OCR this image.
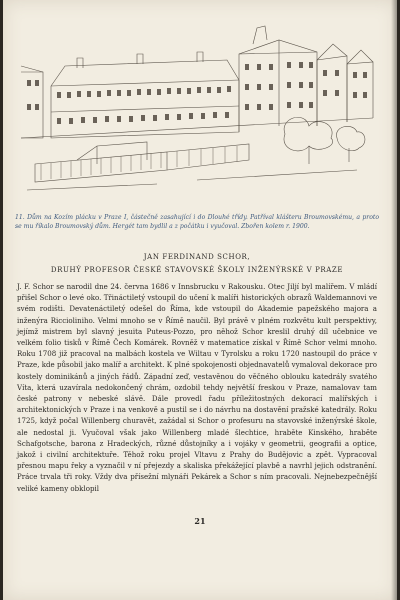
11. Dům na Kozím plácku v Praze I, částečně zasahující i do Dlouhé třídy. Patříval klášteru Broumovskému, a proto se mu říkalo Broumovský dům. Hergét tam bydlil a z počátku i vyučoval. Zbořen kolem r. 1900.
JAN FERDINAND SCHOR,
DRUHÝ PROFESOR ČESKÉ STAVOVSKÉ ŠKOLY INŽENÝRSKÉ V PRAZE

J. F. Schor se narodil dne 24. června 1686 v Innsbrucku v Rakousku. Otec Jiljí byl malířem. V mládí přišel Schor o levé oko. Třináctiletý vstoupil do učení k malíři historických obrazů Waldemannovi ve svém rodišti. Devatenáctiletý odešel do Říma, kde vstoupil do Akademie papežského majora a inženýra Riccioliniho. Velmi mnoho se v Římě naučil. Byl právě v plném rozkvětu kult perspektivy, jejímž mistrem byl slavný jesuita Puteus-Pozzo, pro něhož Schor kreslil druhý díl učebnice ve velkém folio tisků v Římě Čech Komárek. Rovněž v matematice získal v Římě Schor velmi mnoho. Roku 1708 již pracoval na malbách kostela ve Wiltau v Tyrolsku a roku 1720 nastoupil do práce v Praze, kde působil jako malíř a architekt. K plné spokojenosti objednavatelů vymaloval dekorace pro kostely dominikánů a jiných řádů. Západní zeď, vestavěnou do věčného oblouku katedrály svatého Víta, která uzavírala nedokončený chrám, ozdobil tehdy největší freskou v Praze, namalovav tam české patrony v nebeské slávě. Dále provedl řadu příležitostných dekorací malířských i architektonických v Praze i na venkově a pustil se i do návrhu na dostavění pražské katedrály. Roku 1725, když počal Willenberg churavět, zažádal si Schor o profesuru na stavovské inženýrské škole, ale nedostal ji. Vyučoval však jako Willenberg mladé šlechtice, hraběte Kinského, hraběte Schafgotsche, barona z Hradeckých, různé důstojníky a i vojáky v geometrii, geografii a optice, jakož i civilní architektuře. Těhož roku projel Vltavu z Prahy do Budějovic a zpět. Vypracoval přesnou mapu řeky a vyznačil v ní přejezdy a skaliska překážející plavbě a navrhl jejich odstranění. Práce trvala tři roky. Vždy dva přísežní mlynáři Pekárek a Schor s ním pracovali. Nejnebezpečnější veliké kameny obklopil

21
